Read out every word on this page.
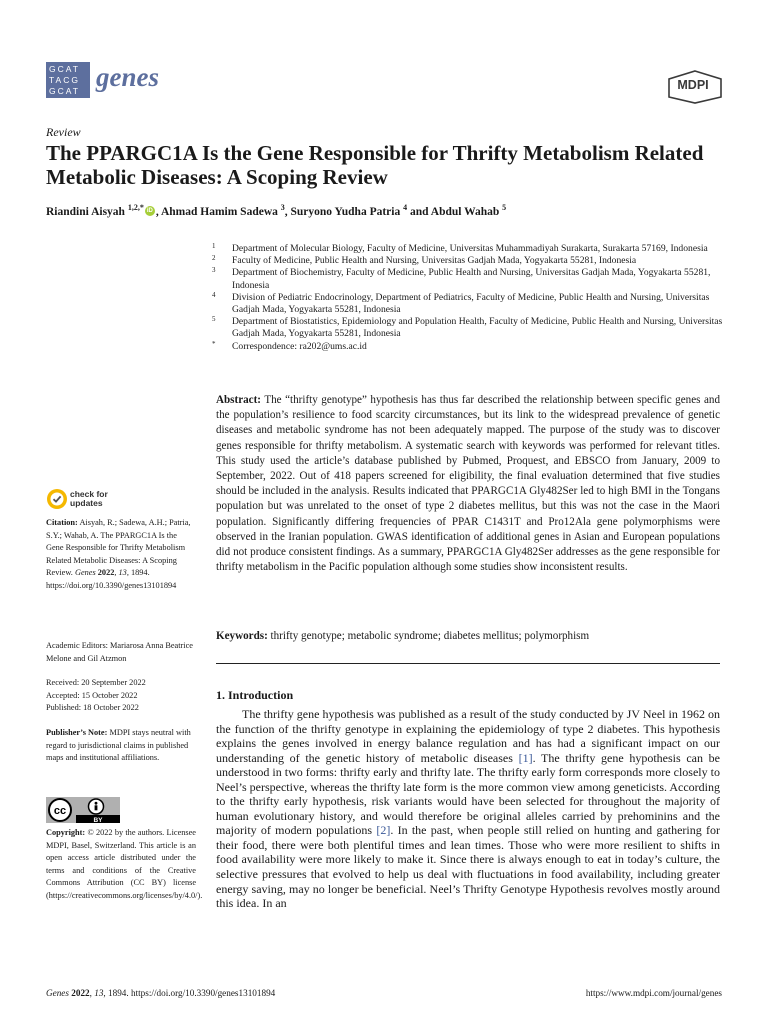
GCAT
TACG
GCAT genes	MDPI
Review
The PPARGC1A Is the Gene Responsible for Thrifty Metabolism Related Metabolic Diseases: A Scoping Review
Riandini Aisyah $^{1,2,*}$ iD , Ahmad Hamim Sadewa $^3$, Suryono Yudha Patria $^4$ and Abdul Wahab $^5$
1 Department of Molecular Biology, Faculty of Medicine, Universitas Muhammadiyah Surakarta, Surakarta 57169, Indonesia
2 Faculty of Medicine, Public Health and Nursing, Universitas Gadjah Mada, Yogyakarta 55281, Indonesia
3 Department of Biochemistry, Faculty of Medicine, Public Health and Nursing, Universitas Gadjah Mada, Yogyakarta 55281, Indonesia
4 Division of Pediatric Endocrinology, Department of Pediatrics, Faculty of Medicine, Public Health and Nursing, Universitas Gadjah Mada, Yogyakarta 55281, Indonesia
5 Department of Biostatistics, Epidemiology and Population Health, Faculty of Medicine, Public Health and Nursing, Universitas Gadjah Mada, Yogyakarta 55281, Indonesia
* Correspondence: ra202@ums.ac.id
Abstract: The “thrifty genotype” hypothesis has thus far described the relationship between specific genes and the population’s resilience to food scarcity circumstances, but its link to the widespread prevalence of genetic diseases and metabolic syndrome has not been adequately mapped. The purpose of the study was to discover genes responsible for thrifty metabolism. A systematic search with keywords was performed for relevant titles. This study used the article’s database published by Pubmed, Proquest, and EBSCO from January, 2009 to September, 2022. Out of 418 papers screened for eligibility, the final evaluation determined that five studies should be included in the analysis. Results indicated that PPARGC1A Gly482Ser led to high BMI in the Tongans population but was unrelated to the onset of type 2 diabetes mellitus, but this was not the case in the Maori population. Significantly differing frequencies of PPAR C1431T and Pro12Ala gene polymorphisms were observed in the Iranian population. GWAS identification of additional genes in Asian and European populations did not produce consistent findings. As a summary, PPARGC1A Gly482Ser addresses as the gene responsible for thrifty metabolism in the Pacific population although some studies show inconsistent results.
Keywords: thrifty genotype; metabolic syndrome; diabetes mellitus; polymorphism
1. Introduction
The thrifty gene hypothesis was published as a result of the study conducted by JV Neel in 1962 on the function of the thrifty genotype in explaining the epidemiology of type 2 diabetes. This hypothesis explains the genes involved in energy balance regulation and has had a significant impact on our understanding of the genetic history of metabolic diseases [1]. The thrifty gene hypothesis can be understood in two forms: thrifty early and thrifty late. The thrifty early form corresponds more closely to Neel’s perspective, whereas the thrifty late form is the more common view among geneticists. According to the thrifty early hypothesis, risk variants would have been selected for throughout the majority of human evolutionary history, and would therefore be original alleles carried by prehominins and the majority of modern populations [2]. In the past, when people still relied on hunting and gathering for their food, there were both plentiful times and lean times. Those who were more resilient to shifts in food availability were more likely to make it. Since there is always enough to eat in today’s culture, the selective pressures that evolved to help us deal with fluctuations in food availability, including greater energy saving, may no longer be beneficial. Neel’s Thrifty Genotype Hypothesis revolves mostly around this idea. In an
check for
updates
Citation: Aisyah, R.; Sadewa, A.H.; Patria, S.Y.; Wahab, A. The PPARGC1A Is the Gene Responsible for Thrifty Metabolism Related Metabolic Diseases: A Scoping Review. Genes 2022, 13, 1894. https://doi.org/10.3390/genes13101894
Academic Editors: Mariarosa Anna Beatrice Melone and Gil Atzmon
Received: 20 September 2022
Accepted: 15 October 2022
Published: 18 October 2022
Publisher’s Note: MDPI stays neutral with regard to jurisdictional claims in published maps and institutional affiliations.
cc
BY
Copyright: © 2022 by the authors. Licensee MDPI, Basel, Switzerland. This article is an open access article distributed under the terms and conditions of the Creative Commons Attribution (CC BY) license (https://creativecommons.org/licenses/by/4.0/).
Genes 2022, 13, 1894. https://doi.org/10.3390/genes13101894	https://www.mdpi.com/journal/genes
